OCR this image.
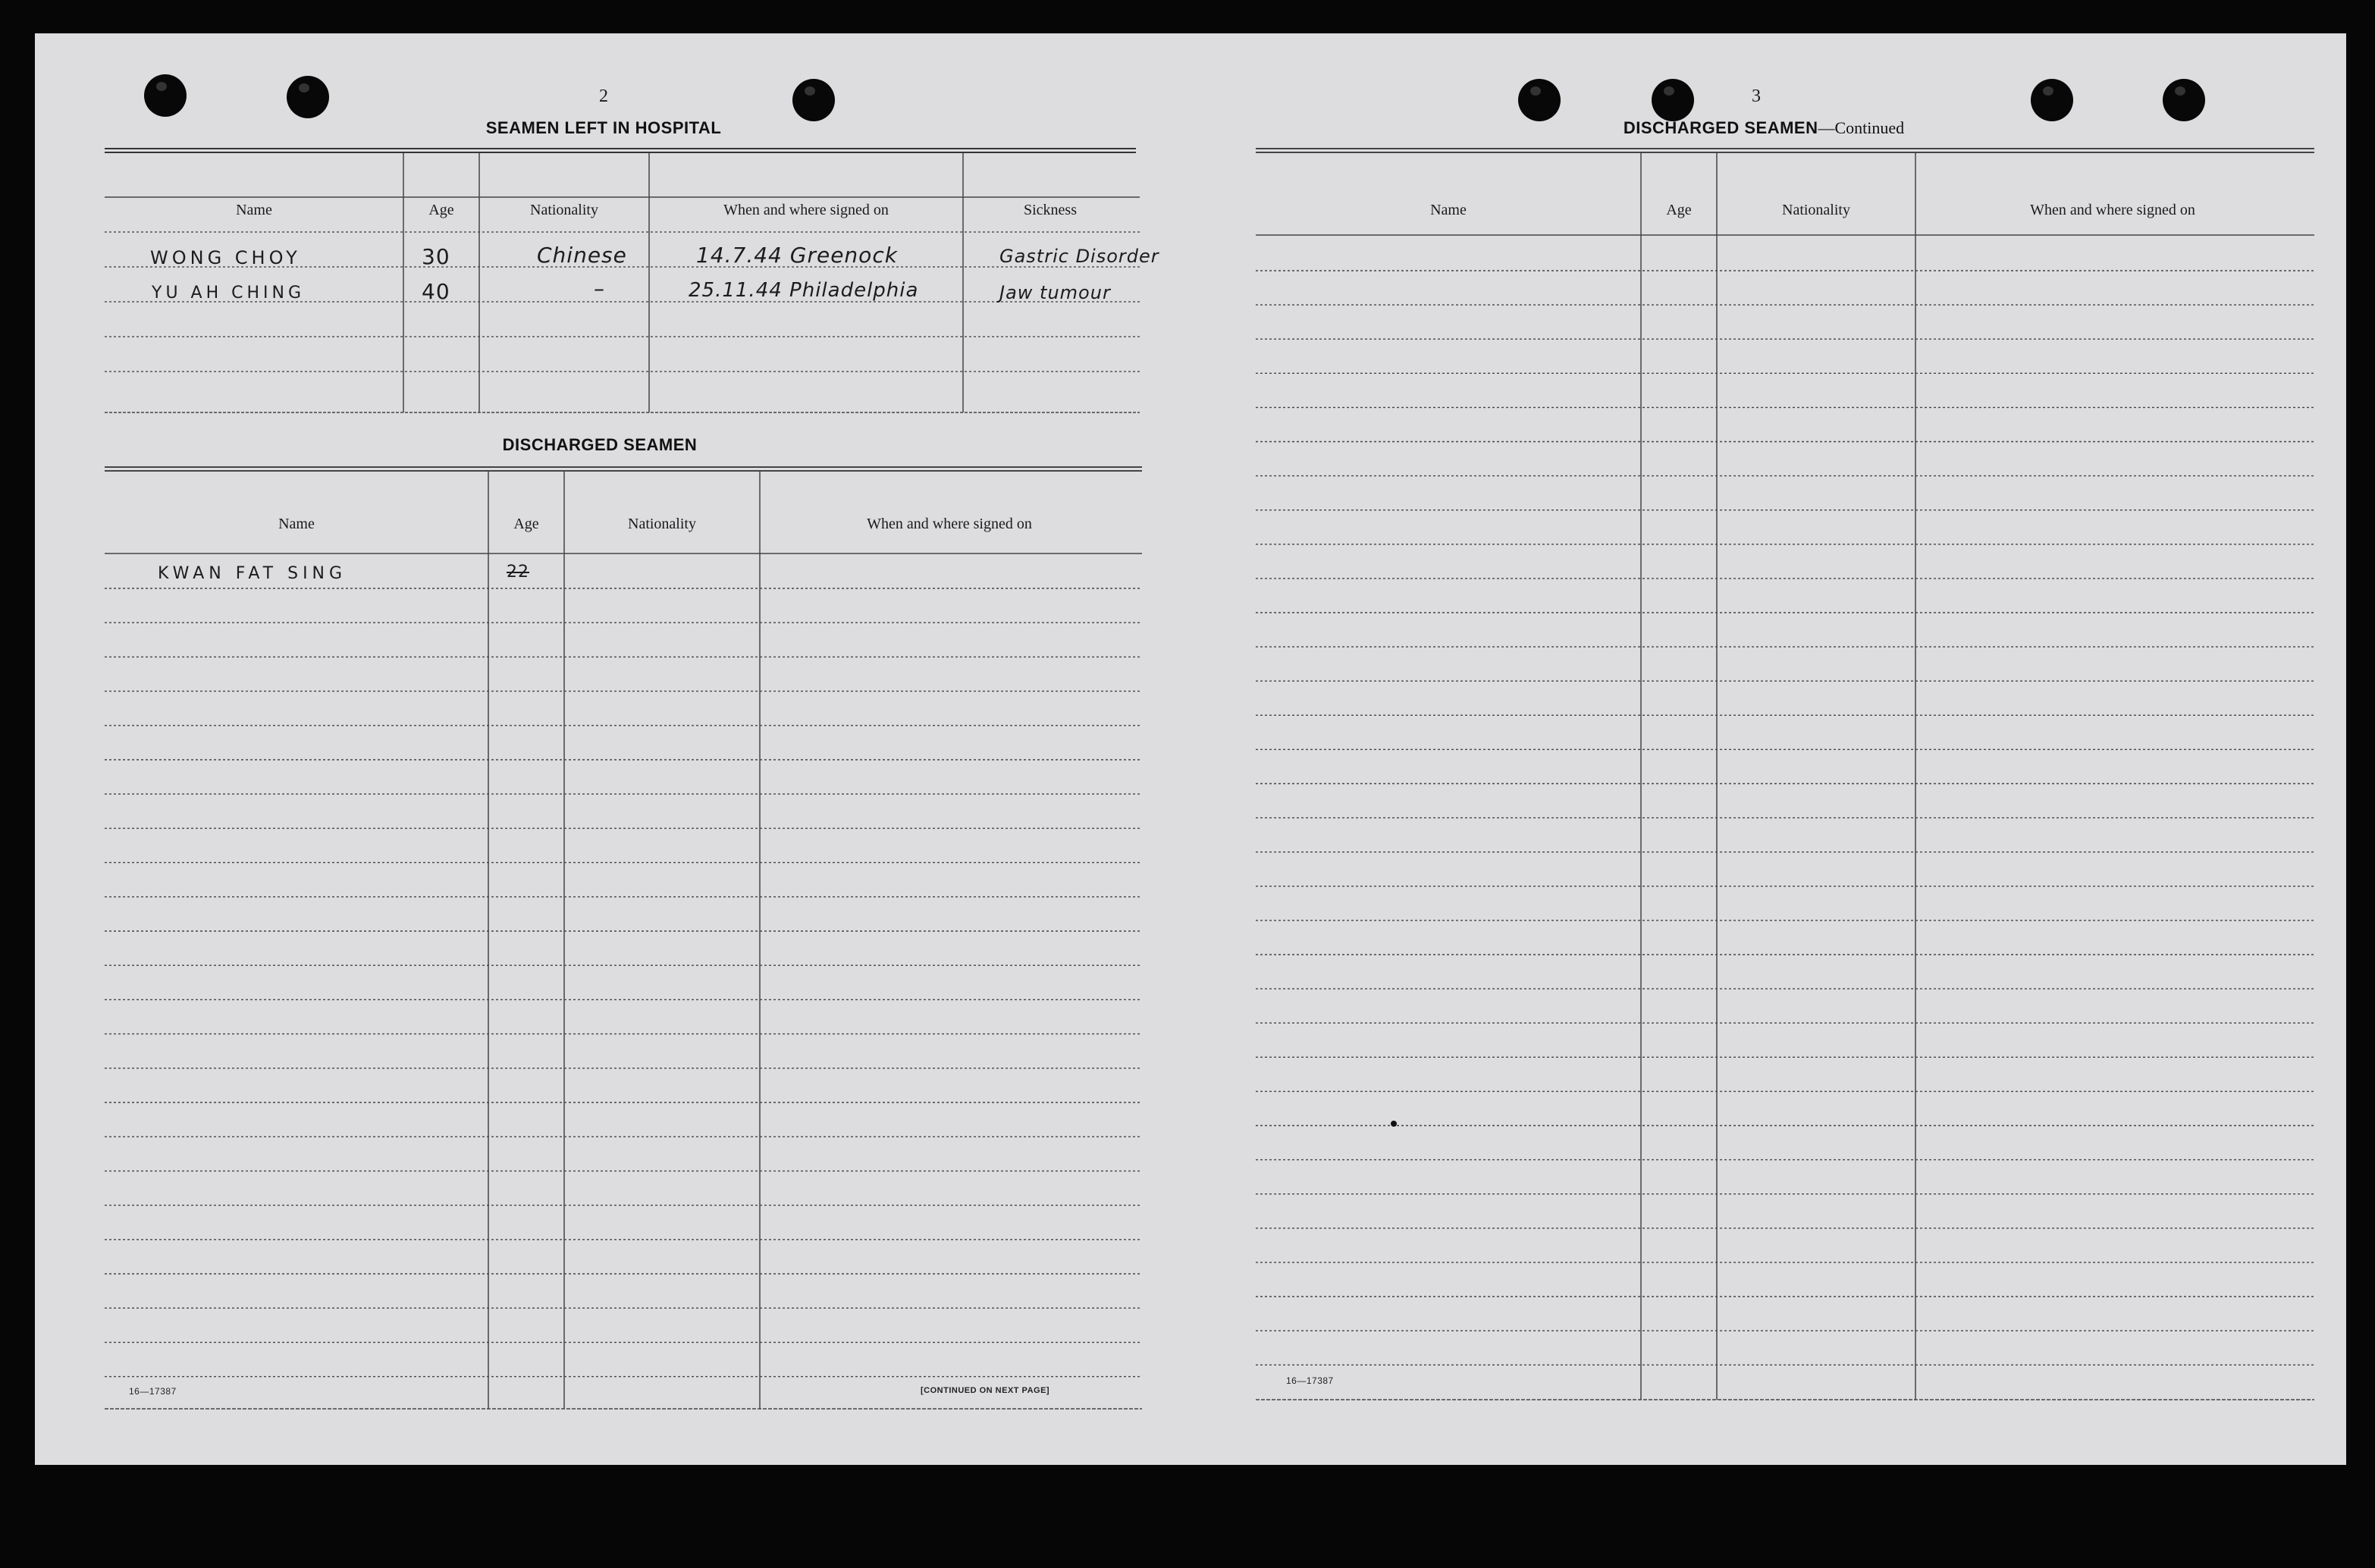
2
SEAMEN LEFT IN HOSPITAL
Name	Age	Nationality	When and where signed on	Sickness
WONG CHOY	30	Chinese	14.7.44 Greenock	Gastric Disorder
YU AH CHING	40	–	25.11.44 Philadelphia	Jaw tumour
DISCHARGED SEAMEN
Name	Age	Nationality	When and where signed on
KWAN FAT SING	22
16—17387	[CONTINUED ON NEXT PAGE]
3
DISCHARGED SEAMEN—Continued
Name	Age	Nationality	When and where signed on
16—17387
